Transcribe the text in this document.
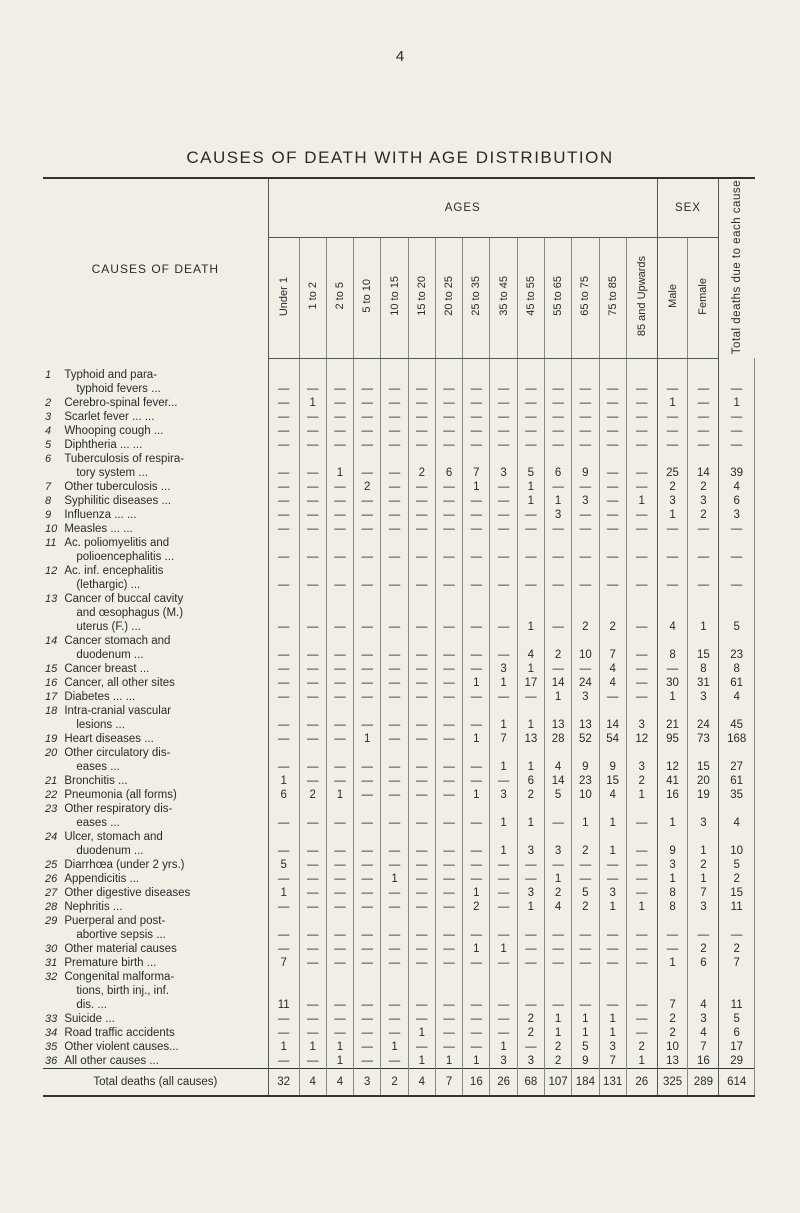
4
CAUSES OF DEATH WITH AGE DISTRIBUTION
CAUSES OF DEATH		AGES														SEX		Total deaths due to each cause
		Under 1	1 to 2	2 to 5	5 to 10	10 to 15	15 to 20	20 to 25	25 to 35	35 to 45	45 to 55	55 to 65	65 to 75	75 to 85	85 and Upwards	Male	Female	
1	Typhoid and para-
typhoid fevers ...	—	—	—	—	—	—	—	—	—	—	—	—	—	—	—	—	—
2	Cerebro-spinal fever...	—	1	—	—	—	—	—	—	—	—	—	—	—	—	1	—	1
3	Scarlet fever ... ...	—	—	—	—	—	—	—	—	—	—	—	—	—	—	—	—	—
4	Whooping cough ...	—	—	—	—	—	—	—	—	—	—	—	—	—	—	—	—	—
5	Diphtheria ... ...	—	—	—	—	—	—	—	—	—	—	—	—	—	—	—	—	—
6	Tuberculosis of respira-
tory system ...	—	—	1	—	—	2	6	7	3	5	6	9	—	—	25	14	39
7	Other tuberculosis ...	—	—	—	2	—	—	—	1	—	1	—	—	—	—	2	2	4
8	Syphilitic diseases ...	—	—	—	—	—	—	—	—	—	1	1	3	—	1	3	3	6
9	Influenza ... ...	—	—	—	—	—	—	—	—	—	—	3	—	—	—	1	2	3
10	Measles ... ...	—	—	—	—	—	—	—	—	—	—	—	—	—	—	—	—	—
11	Ac. poliomyelitis and
polioencephalitis ...	—	—	—	—	—	—	—	—	—	—	—	—	—	—	—	—	—
12	Ac. inf. encephalitis
(lethargic) ...	—	—	—	—	—	—	—	—	—	—	—	—	—	—	—	—	—
13	Cancer of buccal cavity
and œsophagus (M.)
uterus (F.) ...	—	—	—	—	—	—	—	—	—	1	—	2	2	—	4	1	5
14	Cancer stomach and
duodenum ...	—	—	—	—	—	—	—	—	—	4	2	10	7	—	8	15	23
15	Cancer breast ...	—	—	—	—	—	—	—	—	3	1	—	—	4	—	—	8	8
16	Cancer, all other sites	—	—	—	—	—	—	—	1	1	17	14	24	4	—	30	31	61
17	Diabetes ... ...	—	—	—	—	—	—	—	—	—	—	1	3	—	—	1	3	4
18	Intra-cranial vascular
lesions ...	—	—	—	—	—	—	—	—	1	1	13	13	14	3	21	24	45
19	Heart diseases ...	—	—	—	1	—	—	—	1	7	13	28	52	54	12	95	73	168
20	Other circulatory dis-
eases ...	—	—	—	—	—	—	—	—	1	1	4	9	9	3	12	15	27
21	Bronchitis ...	1	—	—	—	—	—	—	—	—	6	14	23	15	2	41	20	61
22	Pneumonia (all forms)	6	2	1	—	—	—	—	1	3	2	5	10	4	1	16	19	35
23	Other respiratory dis-
eases ...	—	—	—	—	—	—	—	—	1	1	—	1	1	—	1	3	4
24	Ulcer, stomach and
duodenum ...	—	—	—	—	—	—	—	—	1	3	3	2	1	—	9	1	10
25	Diarrhœa (under 2 yrs.)	5	—	—	—	—	—	—	—	—	—	—	—	—	—	3	2	5
26	Appendicitis ...	—	—	—	—	1	—	—	—	—	—	1	—	—	—	1	1	2
27	Other digestive diseases	1	—	—	—	—	—	—	1	—	3	2	5	3	—	8	7	15
28	Nephritis ...	—	—	—	—	—	—	—	2	—	1	4	2	1	1	8	3	11
29	Puerperal and post-
abortive sepsis ...	—	—	—	—	—	—	—	—	—	—	—	—	—	—	—	—	—
30	Other material causes	—	—	—	—	—	—	—	1	1	—	—	—	—	—	—	2	2
31	Premature birth ...	7	—	—	—	—	—	—	—	—	—	—	—	—	—	1	6	7
32	Congenital malforma-
tions, birth inj., inf.
dis. ...	11	—	—	—	—	—	—	—	—	—	—	—	—	—	7	4	11
33	Suicide ...	—	—	—	—	—	—	—	—	—	2	1	1	1	—	2	3	5
34	Road traffic accidents	—	—	—	—	—	1	—	—	—	2	1	1	1	—	2	4	6
35	Other violent causes...	1	1	1	—	1	—	—	—	1	—	2	5	3	2	10	7	17
36	All other causes ...	—	—	1	—	—	1	1	1	3	3	2	9	7	1	13	16	29
Total deaths (all causes)		32	4	4	3	2	4	7	16	26	68	107	184	131	26	325	289	614
